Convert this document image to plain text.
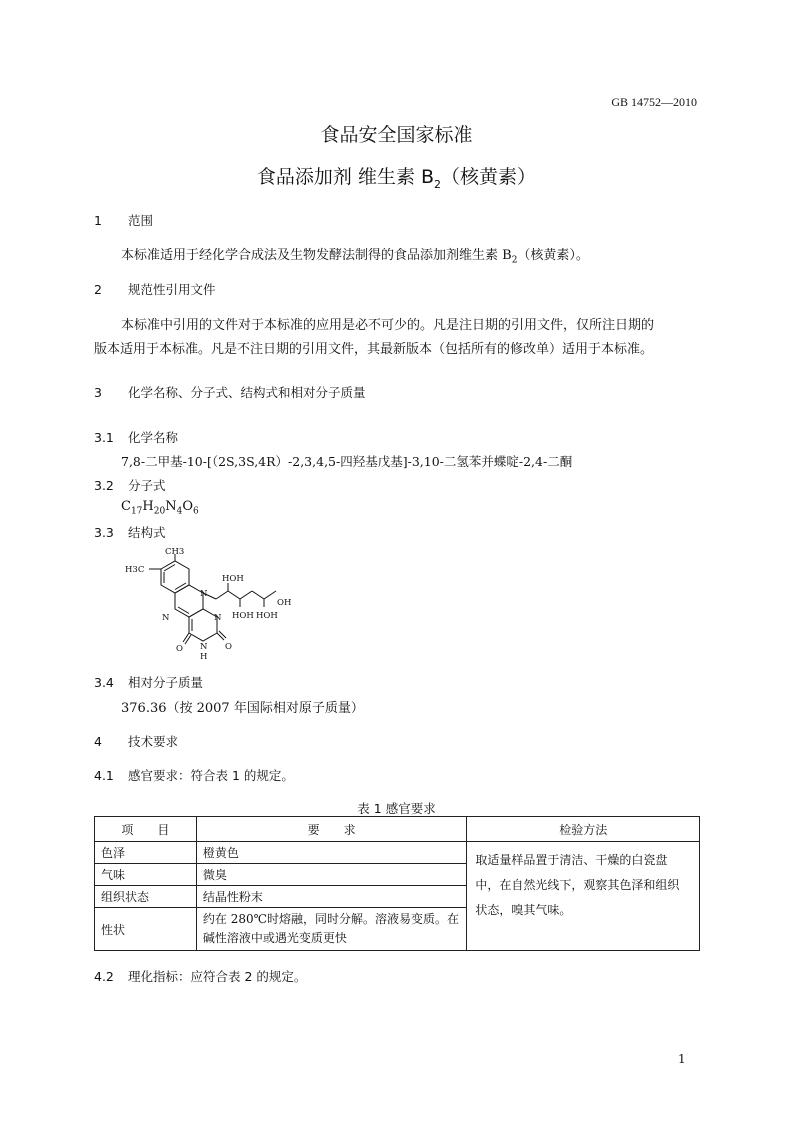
GB 14752—2010
食品安全国家标准
食品添加剂 维生素 $B_2$（核黄素）
1 范围
本标准适用于经化学合成法及生物发酵法制得的食品添加剂维生素 $B_2$（核黄素）。
2 规范性引用文件
本标准中引用的文件对于本标准的应用是必不可少的。凡是注日期的引用文件，仅所注日期的
版本适用于本标准。凡是不注日期的引用文件，其最新版本（包括所有的修改单）适用于本标准。
3 化学名称、分子式、结构式和相对分子质量
3.1 化学名称
7,8-二甲基-10-[（2S,3S,4R）-2,3,4,5-四羟基戊基]-3,10-二氢苯并蝶啶-2,4-二酮
3.2 分子式
$C_{17}H_{20}N_4O_6$
3.3 结构式
CH3
H3C
HOH
HOH HOH
OH
N
N	N
N
H
O	O
3.4 相对分子质量
376.36（按 2007 年国际相对原子质量）
4 技术要求
4.1 感官要求：符合表 1 的规定。
表 1 感官要求
项　　目	要　　求	检验方法
色泽	橙黄色	取适量样品置于清洁、干燥的白瓷盘中，在自然光线下，观察其色泽和组织状态，嗅其气味。
气味	微臭	
组织状态	结晶性粉末	
性状	约在 280℃时熔融，同时分解。溶液易变质。在碱性溶液中或遇光变质更快	
4.2 理化指标：应符合表 2 的规定。
1
